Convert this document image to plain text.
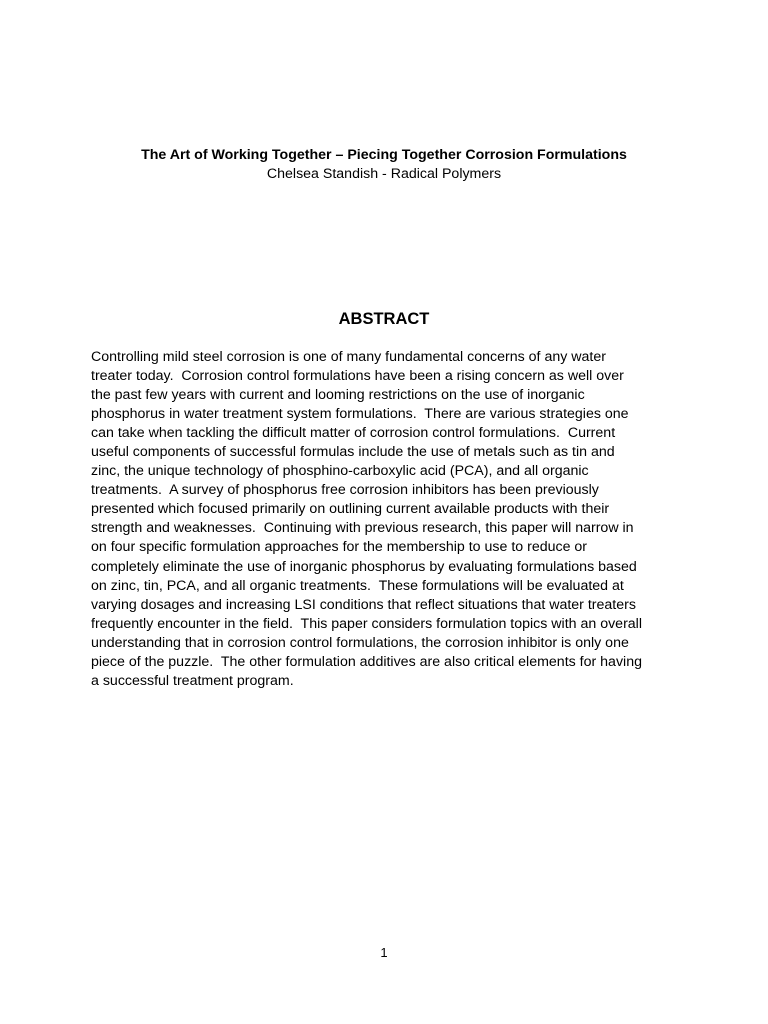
The Art of Working Together – Piecing Together Corrosion Formulations
Chelsea Standish - Radical Polymers
ABSTRACT

Controlling mild steel corrosion is one of many fundamental concerns of any water
treater today.  Corrosion control formulations have been a rising concern as well over
the past few years with current and looming restrictions on the use of inorganic
phosphorus in water treatment system formulations.  There are various strategies one
can take when tackling the difficult matter of corrosion control formulations.  Current
useful components of successful formulas include the use of metals such as tin and
zinc, the unique technology of phosphino-carboxylic acid (PCA), and all organic
treatments.  A survey of phosphorus free corrosion inhibitors has been previously
presented which focused primarily on outlining current available products with their
strength and weaknesses.  Continuing with previous research, this paper will narrow in
on four specific formulation approaches for the membership to use to reduce or
completely eliminate the use of inorganic phosphorus by evaluating formulations based
on zinc, tin, PCA, and all organic treatments.  These formulations will be evaluated at
varying dosages and increasing LSI conditions that reflect situations that water treaters
frequently encounter in the field.  This paper considers formulation topics with an overall
understanding that in corrosion control formulations, the corrosion inhibitor is only one
piece of the puzzle.  The other formulation additives are also critical elements for having
a successful treatment program.

1
